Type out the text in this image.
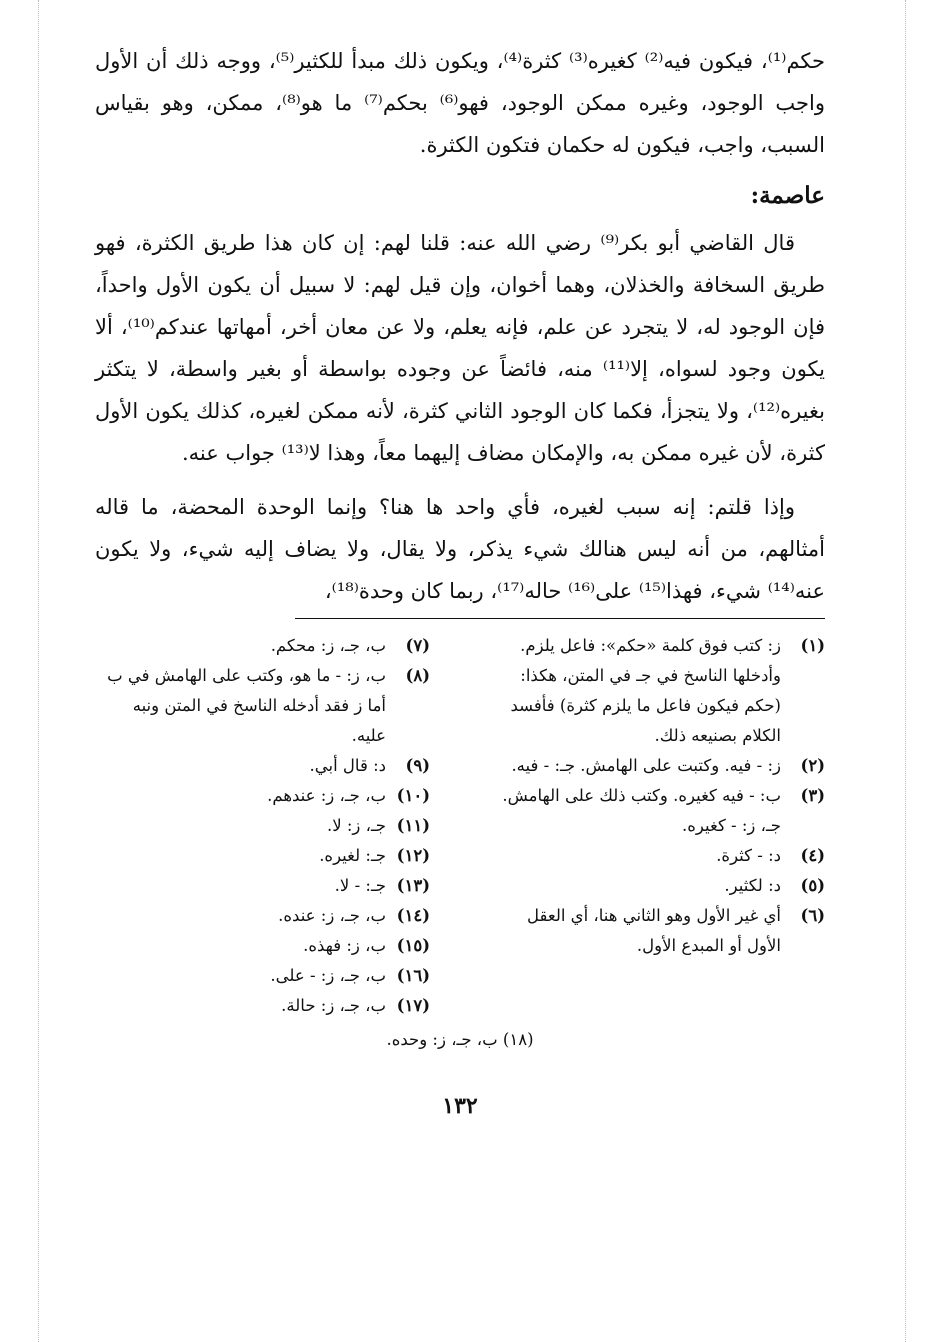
حكم⁽¹⁾، فيكون فيه⁽²⁾ كغيره⁽³⁾ كثرة⁽⁴⁾، ويكون ذلك مبدأ للكثير⁽⁵⁾، ووجه ذلك أن الأول واجب الوجود، وغيره ممكن الوجود، فهو⁽⁶⁾ بحكم⁽⁷⁾ ما هو⁽⁸⁾، ممكن، وهو بقياس السبب، واجب، فيكون له حكمان فتكون الكثرة.

عاصمة:

قال القاضي أبو بكر⁽⁹⁾ رضي الله عنه: قلنا لهم: إن كان هذا طريق الكثرة، فهو طريق السخافة والخذلان، وهما أخوان، وإن قيل لهم: لا سبيل أن يكون الأول واحداً، فإن الوجود له، لا يتجرد عن علم، فإنه يعلم، ولا عن معان أخر، أمهاتها عندكم⁽¹⁰⁾، ألا يكون وجود لسواه، إلا⁽¹¹⁾ منه، فائضاً عن وجوده بواسطة أو بغير واسطة، لا يتكثر بغيره⁽¹²⁾، ولا يتجزأ، فكما كان الوجود الثاني كثرة، لأنه ممكن لغيره، كذلك يكون الأول كثرة، لأن غيره ممكن به، والإمكان مضاف إليهما معاً، وهذا لا⁽¹³⁾ جواب عنه.

وإذا قلتم: إنه سبب لغيره، فأي واحد ها هنا؟ وإنما الوحدة المحضة، ما قاله أمثالهم، من أنه ليس هنالك شيء يذكر، ولا يقال، ولا يضاف إليه شيء، ولا يكون عنه⁽¹⁴⁾ شيء، فهذا⁽¹⁵⁾ على⁽¹⁶⁾ حاله⁽¹⁷⁾، ربما كان وحدة⁽¹⁸⁾،

(١)
ز: كتب فوق كلمة «حكم»: فاعل يلزم. وأدخلها الناسخ في جـ في المتن، هكذا: (حكم فيكون فاعل ما يلزم كثرة) فأفسد الكلام بصنيعه ذلك.

(٢)
ز: - فيه. وكتبت على الهامش. جـ: - فيه.

(٣)
ب: - فيه كغيره. وكتب ذلك على الهامش. جـ، ز: - كغيره.

(٤)
د: - كثرة.

(٥)
د: لكثير.

(٦)
أي غير الأول وهو الثاني هنا، أي العقل الأول أو المبدع الأول.

(٧)
ب، جـ، ز: محكم.

(٨)
ب، ز: - ما هو، وكتب على الهامش في ب أما ز فقد أدخله الناسخ في المتن ونبه عليه.

(٩)
د: قال أبي.

(١٠)
ب، جـ، ز: عندهم.

(١١)
جـ، ز: لا.

(١٢)
جـ: لغيره.

(١٣)
جـ: - لا.

(١٤)
ب، جـ، ز: عنده.

(١٥)
ب، ز: فهذه.

(١٦)
ب، جـ، ز: - على.

(١٧)
ب، جـ، ز: حالة.

(١٨) ب، جـ، ز: وحده.
١٣٢
